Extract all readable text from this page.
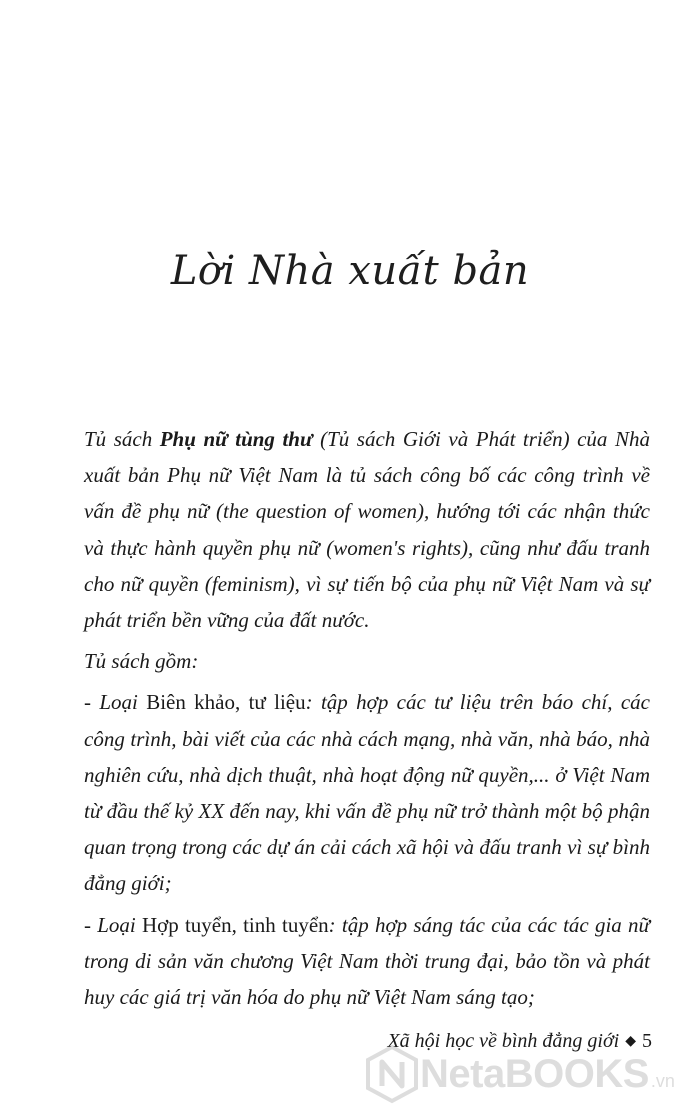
Lời Nhà xuất bản

Tủ sách Phụ nữ tùng thư (Tủ sách Giới và Phát triển) của Nhà xuất bản Phụ nữ Việt Nam là tủ sách công bố các công trình về vấn đề phụ nữ (the question of women), hướng tới các nhận thức và thực hành quyền phụ nữ (women's rights), cũng như đấu tranh cho nữ quyền (feminism), vì sự tiến bộ của phụ nữ Việt Nam và sự phát triển bền vững của đất nước.

Tủ sách gồm:

- Loại Biên khảo, tư liệu: tập hợp các tư liệu trên báo chí, các công trình, bài viết của các nhà cách mạng, nhà văn, nhà báo, nhà nghiên cứu, nhà dịch thuật, nhà hoạt động nữ quyền,... ở Việt Nam từ đầu thế kỷ XX đến nay, khi vấn đề phụ nữ trở thành một bộ phận quan trọng trong các dự án cải cách xã hội và đấu tranh vì sự bình đẳng giới;

- Loại Hợp tuyển, tinh tuyển: tập hợp sáng tác của các tác gia nữ trong di sản văn chương Việt Nam thời trung đại, bảo tồn và phát huy các giá trị văn hóa do phụ nữ Việt Nam sáng tạo;

Xã hội học về bình đẳng giới ◆ 5
NetaBOOKS .vn
